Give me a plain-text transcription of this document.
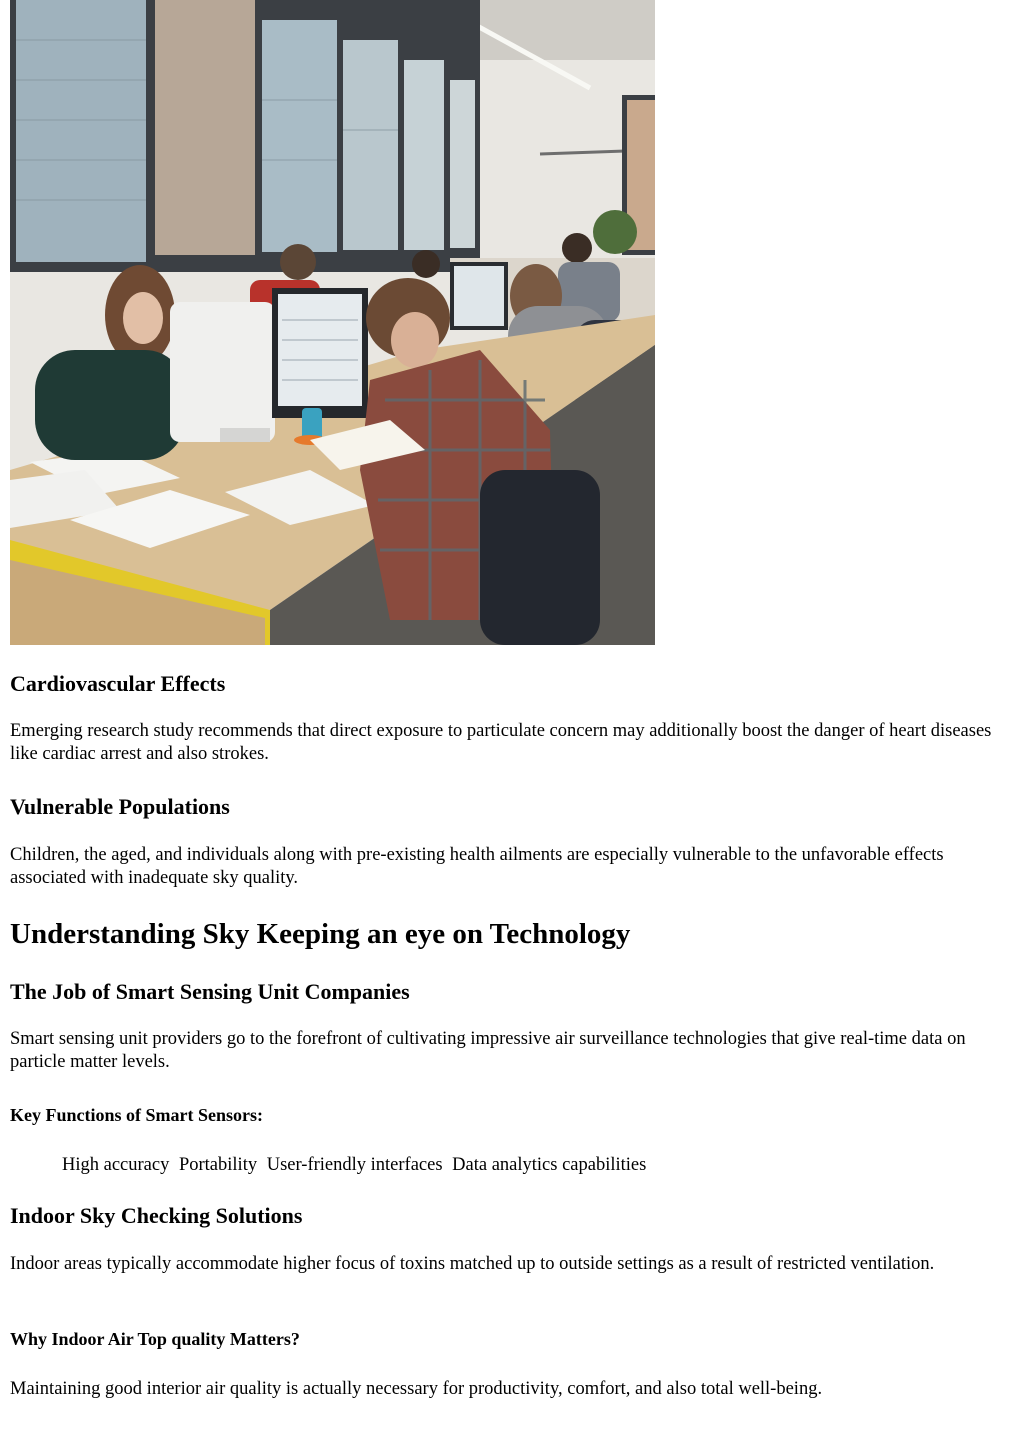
Cardiovascular Effects

Emerging research study recommends that direct exposure to particulate concern may additionally boost the danger of heart diseases like cardiac arrest and also strokes.

Vulnerable Populations

Children, the aged, and individuals along with pre-existing health ailments are especially vulnerable to the unfavorable effects associated with inadequate sky quality.

Understanding Sky Keeping an eye on Technology
The Job of Smart Sensing Unit Companies

Smart sensing unit providers go to the forefront of cultivating impressive air surveillance technologies that give real-time data on particle matter levels.

Key Functions of Smart Sensors:
High accuracy Portability User-friendly interfaces Data analytics capabilities
Indoor Sky Checking Solutions

Indoor areas typically accommodate higher focus of toxins matched up to outside settings as a result of restricted ventilation.

Why Indoor Air Top quality Matters?

Maintaining good interior air quality is actually necessary for productivity, comfort, and also total well-being.
